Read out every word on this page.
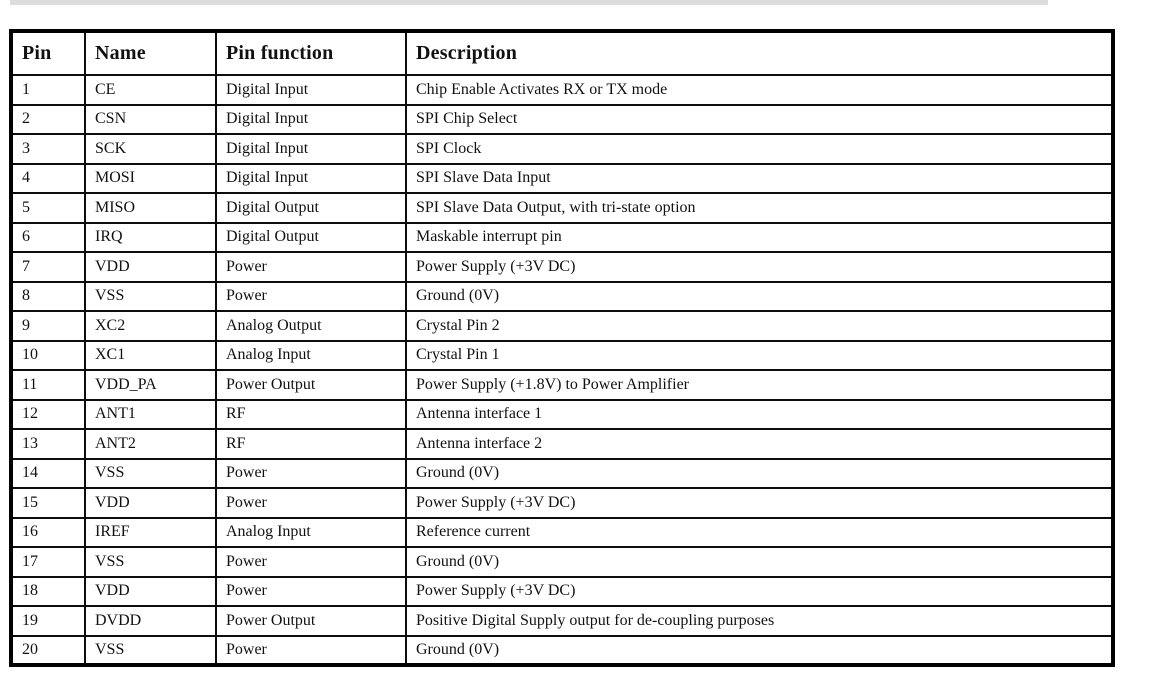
Pin	Name	Pin function	Description
1	CE	Digital Input	Chip Enable Activates RX or TX mode
2	CSN	Digital Input	SPI Chip Select
3	SCK	Digital Input	SPI Clock
4	MOSI	Digital Input	SPI Slave Data Input
5	MISO	Digital Output	SPI Slave Data Output, with tri-state option
6	IRQ	Digital Output	Maskable interrupt pin
7	VDD	Power	Power Supply (+3V DC)
8	VSS	Power	Ground (0V)
9	XC2	Analog Output	Crystal Pin 2
10	XC1	Analog Input	Crystal Pin 1
11	VDD_PA	Power Output	Power Supply (+1.8V) to Power Amplifier
12	ANT1	RF	Antenna interface 1
13	ANT2	RF	Antenna interface 2
14	VSS	Power	Ground (0V)
15	VDD	Power	Power Supply (+3V DC)
16	IREF	Analog Input	Reference current
17	VSS	Power	Ground (0V)
18	VDD	Power	Power Supply (+3V DC)
19	DVDD	Power Output	Positive Digital Supply output for de-coupling purposes
20	VSS	Power	Ground (0V)
